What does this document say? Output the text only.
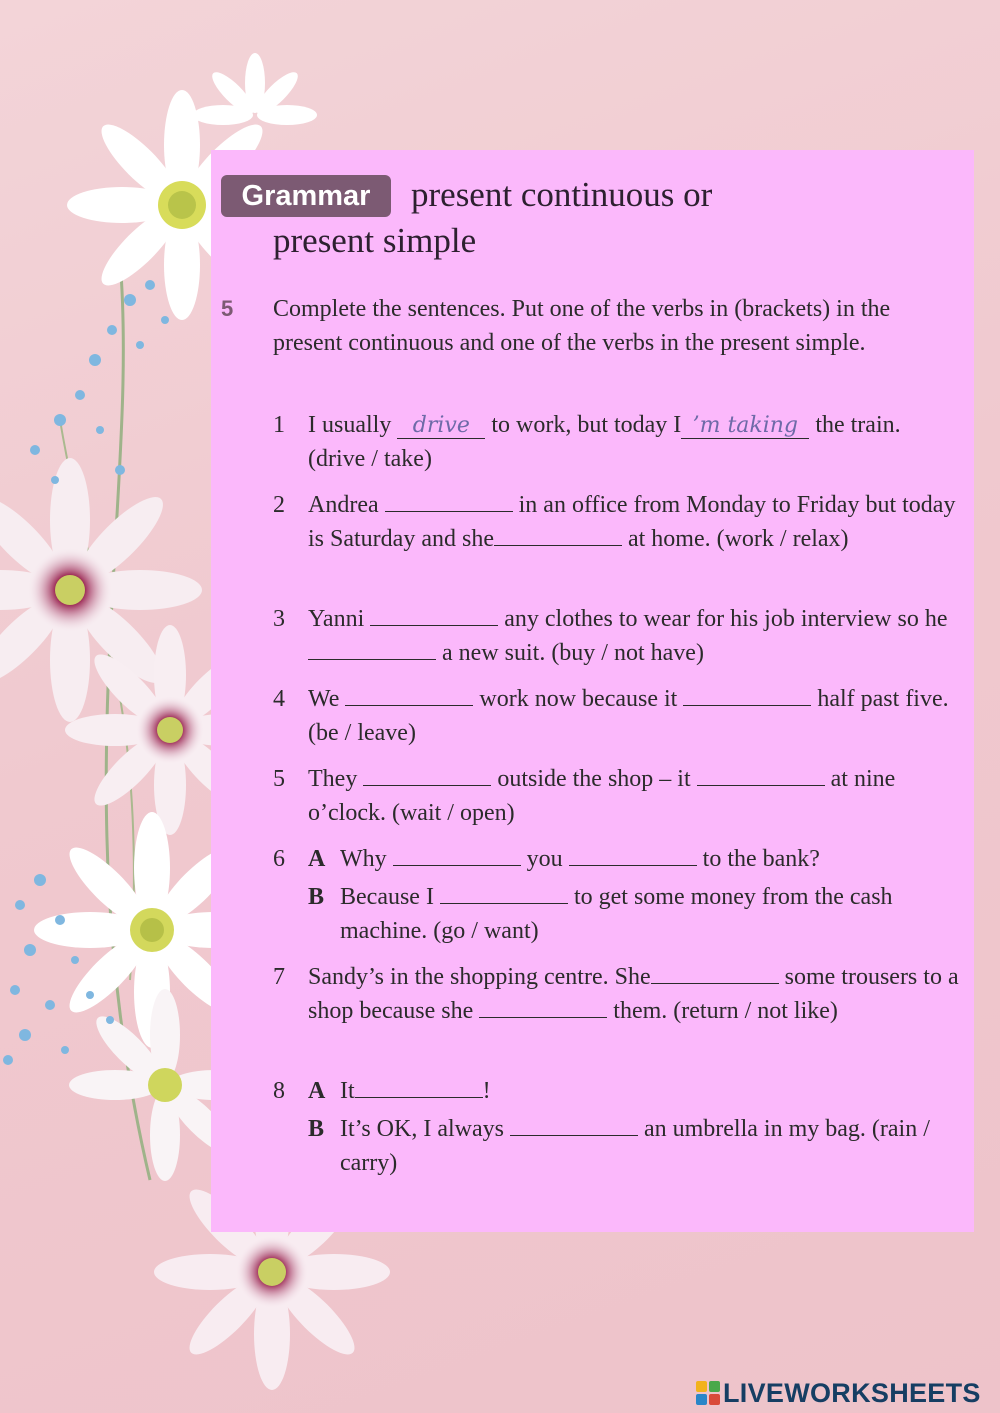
Grammar	present continuous or
present simple
5 Complete the sentences. Put one of the verbs in (brackets) in the present continuous and one of the verbs in the present simple.
1 I usually drive to work, but today I ’m taking the train. (drive / take)
2 Andrea	in an office from Monday to Friday but today is Saturday and she	at home. (work / relax)
3 Yanni	any clothes to wear for his job interview so he a new suit. (buy / not have)
4 We	work now because it	half past five. (be / leave)
5 They	outside the shop – it	at nine o’clock. (wait / open)
6 A Why	you	to the bank?
B Because I	to get some money from the cash machine. (go / want)
7 Sandy’s in the shopping centre. She	some trousers to a shop because she	them. (return / not like)
8 A It	!
B It’s OK, I always	an umbrella in my bag. (rain / carry)
LIVEWORKSHEETS
